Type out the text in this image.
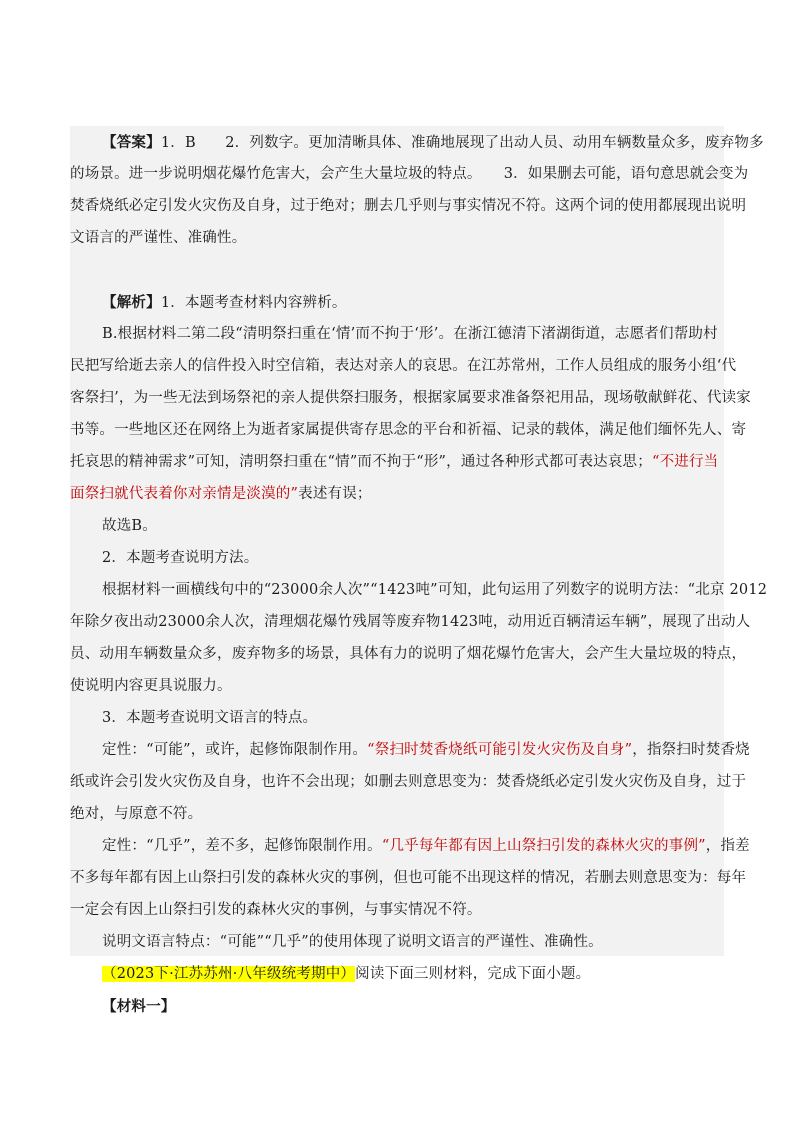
【答案】1．B　　2．列数字。更加清晰具体、准确地展现了出动人员、动用车辆数量众多，废弃物多

的场景。进一步说明烟花爆竹危害大，会产生大量垃圾的特点。　　3．如果删去可能，语句意思就会变为

焚香烧纸必定引发火灾伤及自身，过于绝对；删去几乎则与事实情况不符。这两个词的使用都展现出说明

文语言的严谨性、准确性。

【解析】1．本题考查材料内容辨析。

B.根据材料二第二段“清明祭扫重在‘情’而不拘于‘形’。在浙江德清下渚湖街道，志愿者们帮助村

民把写给逝去亲人的信件投入时空信箱，表达对亲人的哀思。在江苏常州，工作人员组成的服务小组‘代

客祭扫’，为一些无法到场祭祀的亲人提供祭扫服务，根据家属要求准备祭祀用品，现场敬献鲜花、代读家

书等。一些地区还在网络上为逝者家属提供寄存思念的平台和祈福、记录的载体，满足他们缅怀先人、寄

托哀思的精神需求”可知，清明祭扫重在“情”而不拘于“形”，通过各种形式都可表达哀思；“不进行当

面祭扫就代表着你对亲情是淡漠的”表述有误；

故选B。

2．本题考查说明方法。

根据材料一画横线句中的“23000余人次”“1423吨”可知，此句运用了列数字的说明方法：“北京 2012

年除夕夜出动23000余人次，清理烟花爆竹残屑等废弃物1423吨，动用近百辆清运车辆”，展现了出动人

员、动用车辆数量众多，废弃物多的场景，具体有力的说明了烟花爆竹危害大，会产生大量垃圾的特点，

使说明内容更具说服力。

3．本题考查说明文语言的特点。

定性：“可能”，或许，起修饰限制作用。“祭扫时焚香烧纸可能引发火灾伤及自身”，指祭扫时焚香烧

纸或许会引发火灾伤及自身，也许不会出现；如删去则意思变为：焚香烧纸必定引发火灾伤及自身，过于

绝对，与原意不符。

定性：“几乎”，差不多，起修饰限制作用。“几乎每年都有因上山祭扫引发的森林火灾的事例”，指差

不多每年都有因上山祭扫引发的森林火灾的事例，但也可能不出现这样的情况，若删去则意思变为：每年

一定会有因上山祭扫引发的森林火灾的事例，与事实情况不符。

说明文语言特点：“可能”“几乎”的使用体现了说明文语言的严谨性、准确性。

（2023下·江苏苏州·八年级统考期中）阅读下面三则材料，完成下面小题。

【材料一】
